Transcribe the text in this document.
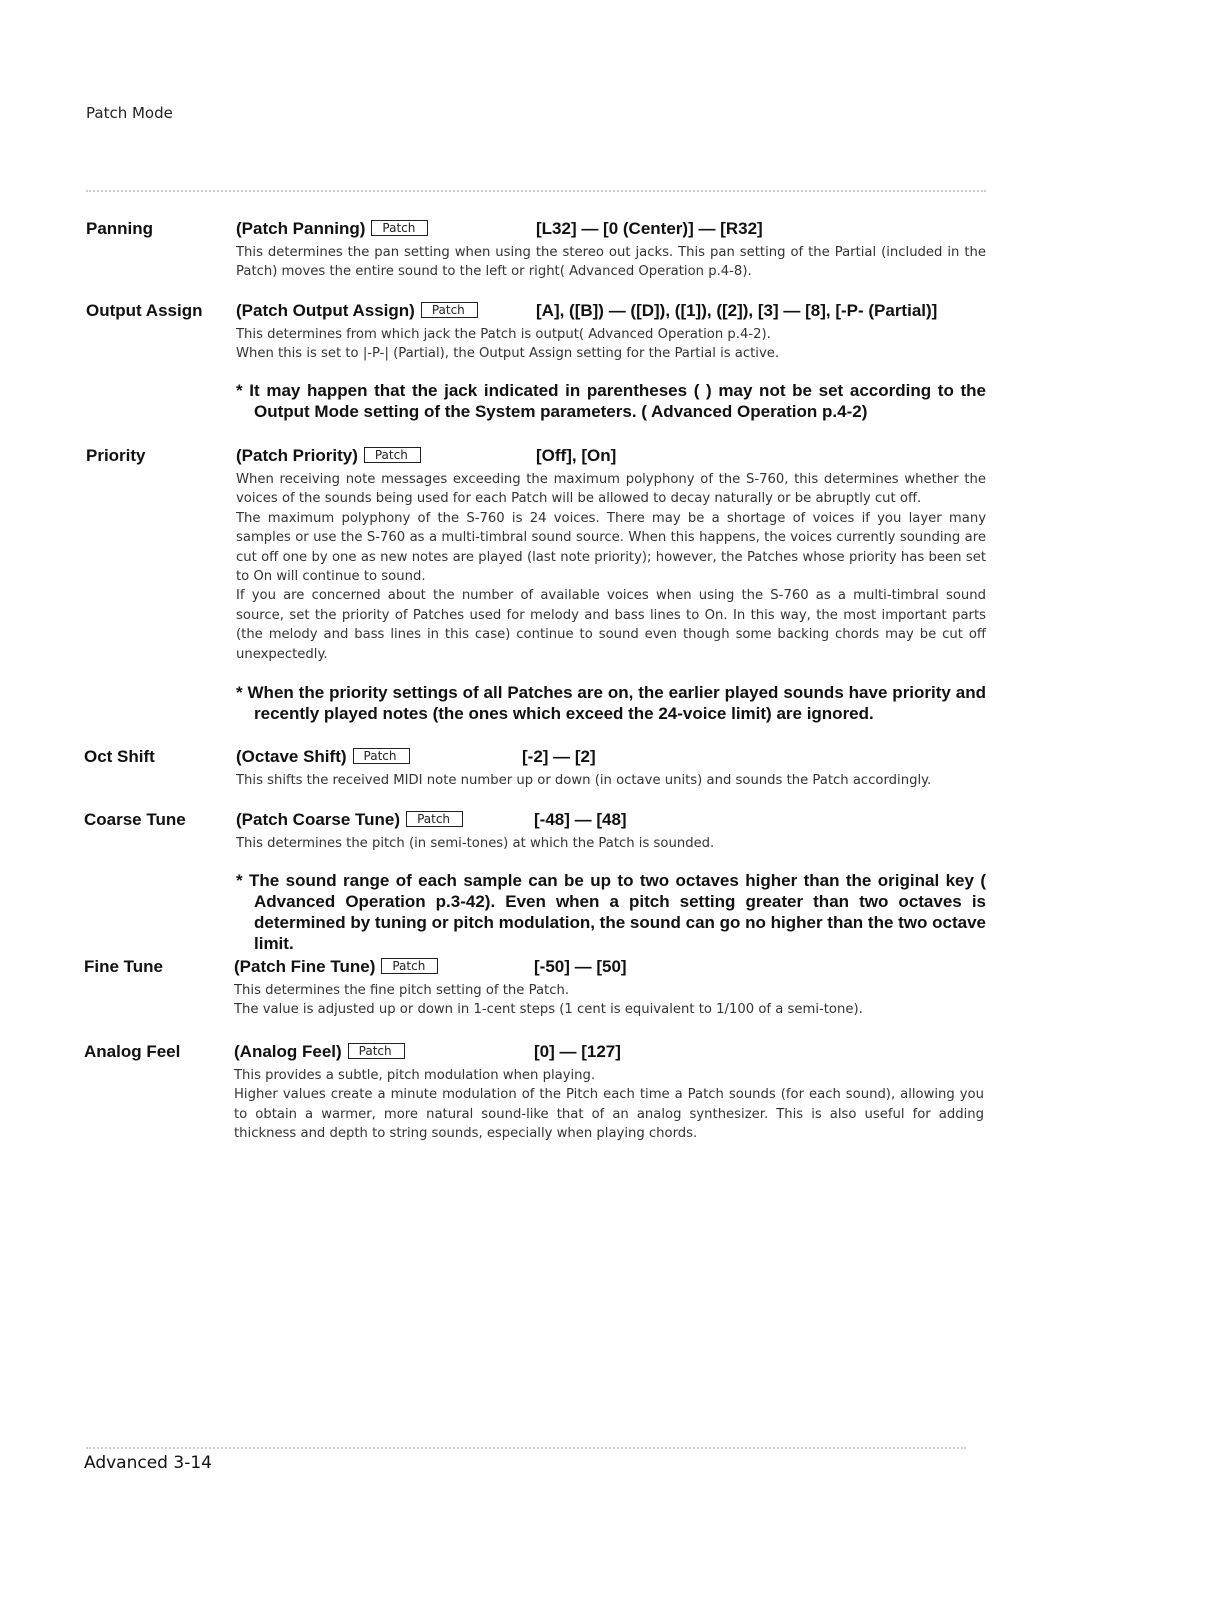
Patch Mode
Panning	(Patch Panning) Patch	[L32] — [0 (Center)] — [R32]

This determines the pan setting when using the stereo out jacks. This pan setting of the Partial (included in the Patch) moves the entire sound to the left or right( Advanced Operation p.4-8).

Output Assign (Patch Output Assign) Patch	[A], ([B]) — ([D]), ([1]), ([2]), [3] — [8], [-P- (Partial)]

This determines from which jack the Patch is output( Advanced Operation p.4-2).

When this is set to |-P-| (Partial), the Output Assign setting for the Partial is active.

* It may happen that the jack indicated in parentheses ( ) may not be set according to the Output Mode setting of the System parameters. ( Advanced Operation p.4-2)
Priority	(Patch Priority) Patch	[Off], [On]

When receiving note messages exceeding the maximum polyphony of the S-760, this determines whether the voices of the sounds being used for each Patch will be allowed to decay naturally or be abruptly cut off.

The maximum polyphony of the S-760 is 24 voices. There may be a shortage of voices if you layer many samples or use the S-760 as a multi-timbral sound source. When this happens, the voices currently sounding are cut off one by one as new notes are played (last note priority); however, the Patches whose priority has been set to On will continue to sound.

If you are concerned about the number of available voices when using the S-760 as a multi-timbral sound source, set the priority of Patches used for melody and bass lines to On. In this way, the most important parts (the melody and bass lines in this case) continue to sound even though some backing chords may be cut off unexpectedly.

* When the priority settings of all Patches are on, the earlier played sounds have priority and recently played notes (the ones which exceed the 24-voice limit) are ignored.
Oct Shift	(Octave Shift) Patch	[-2] — [2]

This shifts the received MIDI note number up or down (in octave units) and sounds the Patch accordingly.

Coarse Tune	(Patch Coarse Tune) Patch	[-48] — [48]

This determines the pitch (in semi-tones) at which the Patch is sounded.

* The sound range of each sample can be up to two octaves higher than the original key ( Advanced Operation p.3-42). Even when a pitch setting greater than two octaves is determined by tuning or pitch modulation, the sound can go no higher than the two octave limit.
Fine Tune	(Patch Fine Tune) Patch	[-50] — [50]

This determines the fine pitch setting of the Patch.

The value is adjusted up or down in 1-cent steps (1 cent is equivalent to 1/100 of a semi-tone).

Analog Feel	(Analog Feel) Patch	[0] — [127]

This provides a subtle, pitch modulation when playing.

Higher values create a minute modulation of the Pitch each time a Patch sounds (for each sound), allowing you to obtain a warmer, more natural sound-like that of an analog synthesizer. This is also useful for adding thickness and depth to string sounds, especially when playing chords.

Advanced 3-14
